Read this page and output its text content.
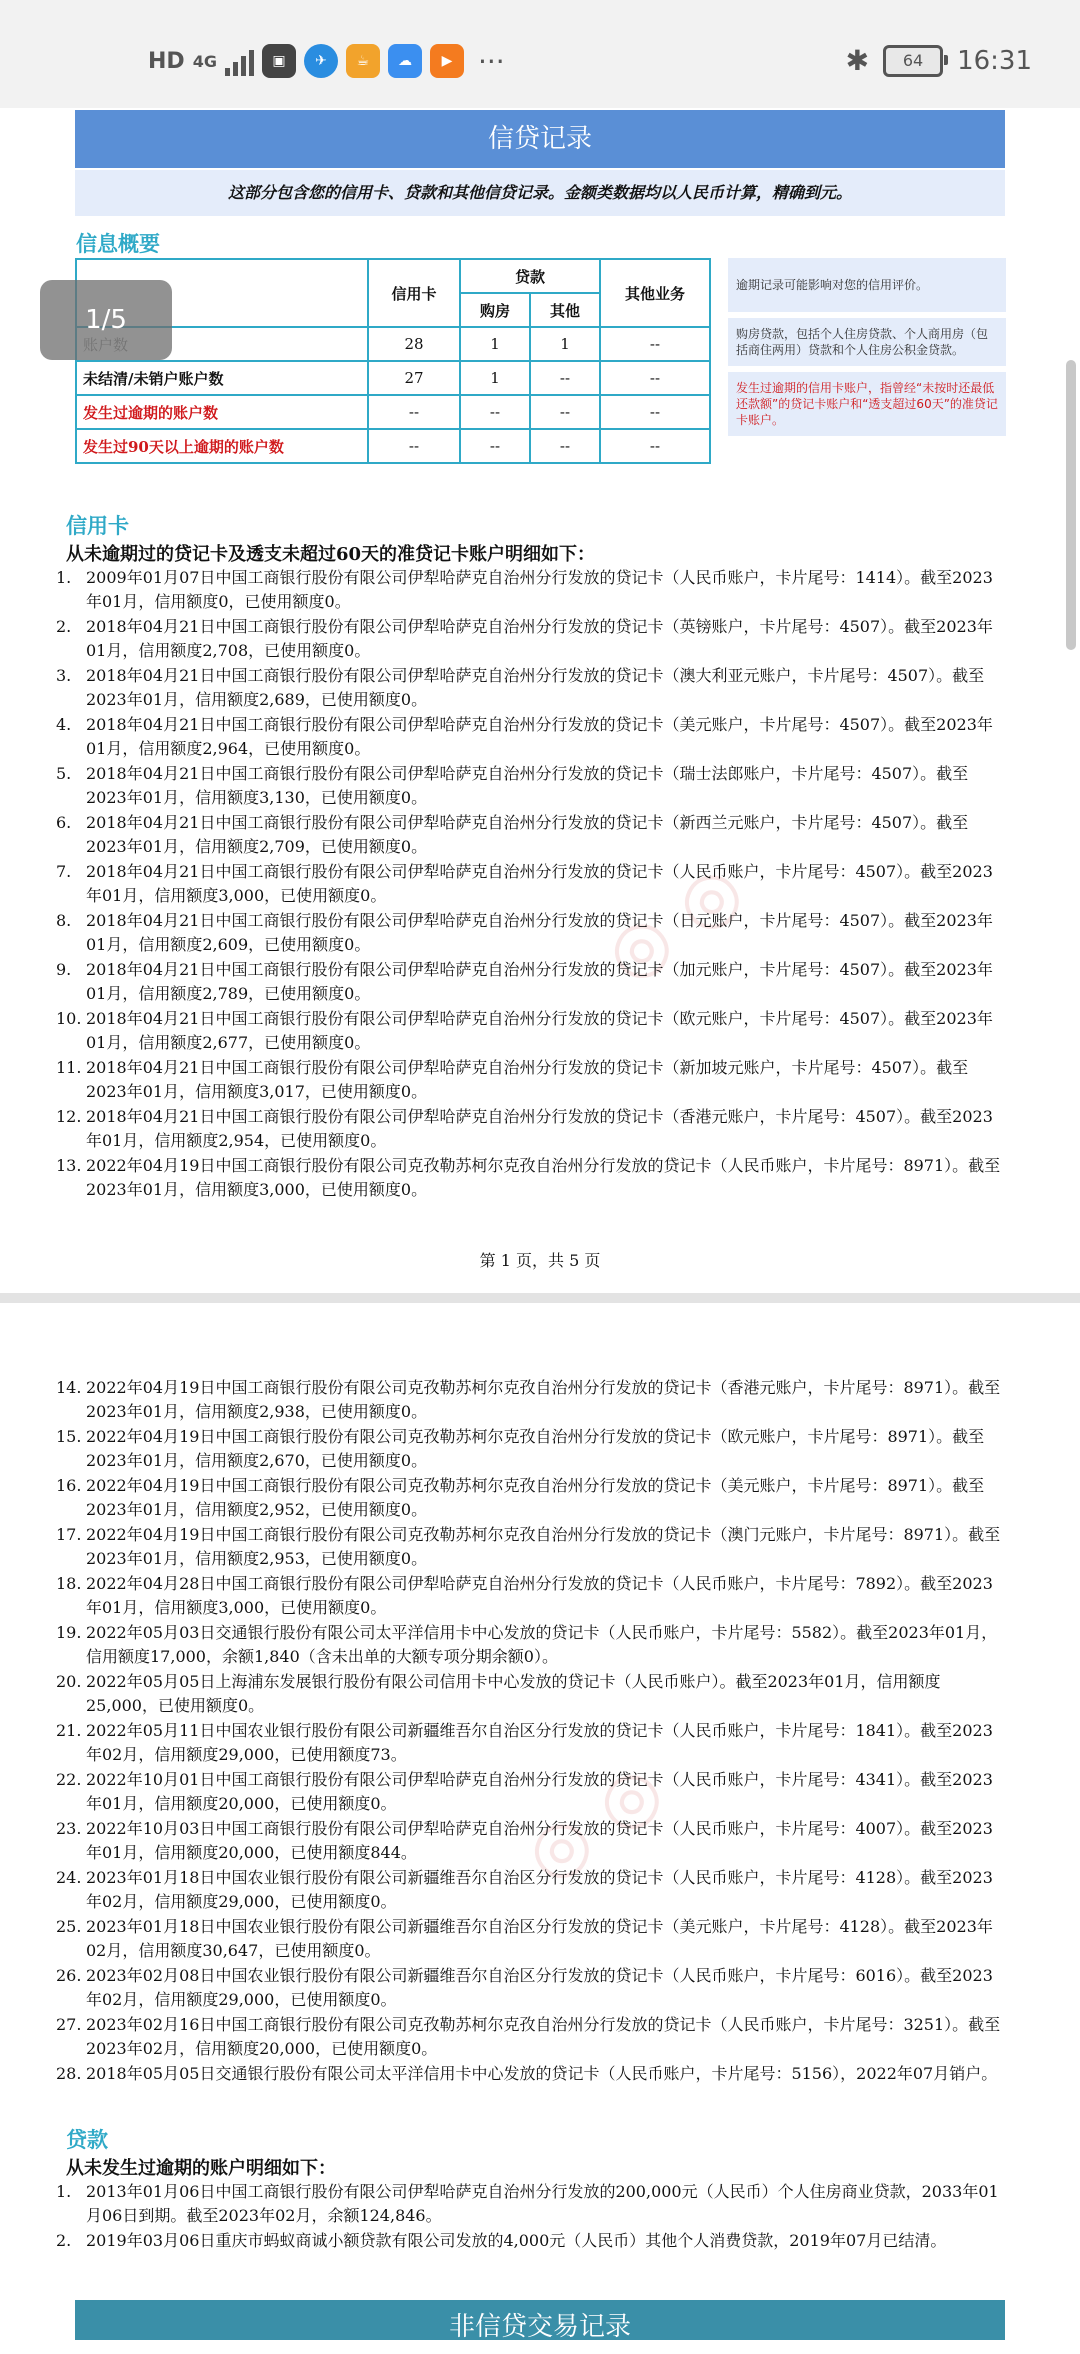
◎ ◎
◎ ◎
HD 4G	▣	✈	☕	☁	▶ ···	✱ 64 16:31
信贷记录
这部分包含您的信用卡、贷款和其他信贷记录。金额类数据均以人民币计算，精确到元。
信息概要
	信用卡	贷款		其他业务
		购房	其他	
	28	1	1	--
未结清/未销户账户数	27	1	--	--
发生过逾期的账户数	--	--	--	--
发生过90天以上逾期的账户数	--	--	--	--
逾期记录可能影响对您的信用评价。
购房贷款，包括个人住房贷款、个人商用房（包括商住两用）贷款和个人住房公积金贷款。
发生过逾期的信用卡账户，指曾经“未按时还最低还款额”的贷记卡账户和“透支超过60天”的准贷记卡账户。
1/5
信用卡
从未逾期过的贷记卡及透支未超过60天的准贷记卡账户明细如下：
1. 2009年01月07日中国工商银行股份有限公司伊犁哈萨克自治州分行发放的贷记卡（人民币账户，卡片尾号：1414）。截至2023年01月，信用额度0，已使用额度0。
2. 2018年04月21日中国工商银行股份有限公司伊犁哈萨克自治州分行发放的贷记卡（英镑账户，卡片尾号：4507）。截至2023年01月，信用额度2,708，已使用额度0。
3. 2018年04月21日中国工商银行股份有限公司伊犁哈萨克自治州分行发放的贷记卡（澳大利亚元账户，卡片尾号：4507）。截至2023年01月，信用额度2,689，已使用额度0。
4. 2018年04月21日中国工商银行股份有限公司伊犁哈萨克自治州分行发放的贷记卡（美元账户，卡片尾号：4507）。截至2023年01月，信用额度2,964，已使用额度0。
5. 2018年04月21日中国工商银行股份有限公司伊犁哈萨克自治州分行发放的贷记卡（瑞士法郎账户，卡片尾号：4507）。截至2023年01月，信用额度3,130，已使用额度0。
6. 2018年04月21日中国工商银行股份有限公司伊犁哈萨克自治州分行发放的贷记卡（新西兰元账户，卡片尾号：4507）。截至2023年01月，信用额度2,709，已使用额度0。
7. 2018年04月21日中国工商银行股份有限公司伊犁哈萨克自治州分行发放的贷记卡（人民币账户，卡片尾号：4507）。截至2023年01月，信用额度3,000，已使用额度0。
8. 2018年04月21日中国工商银行股份有限公司伊犁哈萨克自治州分行发放的贷记卡（日元账户，卡片尾号：4507）。截至2023年01月，信用额度2,609，已使用额度0。
9. 2018年04月21日中国工商银行股份有限公司伊犁哈萨克自治州分行发放的贷记卡（加元账户，卡片尾号：4507）。截至2023年01月，信用额度2,789，已使用额度0。
10. 2018年04月21日中国工商银行股份有限公司伊犁哈萨克自治州分行发放的贷记卡（欧元账户，卡片尾号：4507）。截至2023年01月，信用额度2,677，已使用额度0。
11. 2018年04月21日中国工商银行股份有限公司伊犁哈萨克自治州分行发放的贷记卡（新加坡元账户，卡片尾号：4507）。截至2023年01月，信用额度3,017，已使用额度0。
12. 2018年04月21日中国工商银行股份有限公司伊犁哈萨克自治州分行发放的贷记卡（香港元账户，卡片尾号：4507）。截至2023年01月，信用额度2,954，已使用额度0。
13. 2022年04月19日中国工商银行股份有限公司克孜勒苏柯尔克孜自治州分行发放的贷记卡（人民币账户，卡片尾号：8971）。截至2023年01月，信用额度3,000，已使用额度0。
第 1 页，共 5 页
14. 2022年04月19日中国工商银行股份有限公司克孜勒苏柯尔克孜自治州分行发放的贷记卡（香港元账户，卡片尾号：8971）。截至2023年01月，信用额度2,938，已使用额度0。
15. 2022年04月19日中国工商银行股份有限公司克孜勒苏柯尔克孜自治州分行发放的贷记卡（欧元账户，卡片尾号：8971）。截至2023年01月，信用额度2,670，已使用额度0。
16. 2022年04月19日中国工商银行股份有限公司克孜勒苏柯尔克孜自治州分行发放的贷记卡（美元账户，卡片尾号：8971）。截至2023年01月，信用额度2,952，已使用额度0。
17. 2022年04月19日中国工商银行股份有限公司克孜勒苏柯尔克孜自治州分行发放的贷记卡（澳门元账户，卡片尾号：8971）。截至2023年01月，信用额度2,953，已使用额度0。
18. 2022年04月28日中国工商银行股份有限公司伊犁哈萨克自治州分行发放的贷记卡（人民币账户，卡片尾号：7892）。截至2023年01月，信用额度3,000，已使用额度0。
19. 2022年05月03日交通银行股份有限公司太平洋信用卡中心发放的贷记卡（人民币账户，卡片尾号：5582）。截至2023年01月，信用额度17,000，余额1,840（含未出单的大额专项分期余额0）。
20. 2022年05月05日上海浦东发展银行股份有限公司信用卡中心发放的贷记卡（人民币账户）。截至2023年01月，信用额度25,000，已使用额度0。
21. 2022年05月11日中国农业银行股份有限公司新疆维吾尔自治区分行发放的贷记卡（人民币账户，卡片尾号：1841）。截至2023年02月，信用额度29,000，已使用额度73。
22. 2022年10月01日中国工商银行股份有限公司伊犁哈萨克自治州分行发放的贷记卡（人民币账户，卡片尾号：4341）。截至2023年01月，信用额度20,000，已使用额度0。
23. 2022年10月03日中国工商银行股份有限公司伊犁哈萨克自治州分行发放的贷记卡（人民币账户，卡片尾号：4007）。截至2023年01月，信用额度20,000，已使用额度844。
24. 2023年01月18日中国农业银行股份有限公司新疆维吾尔自治区分行发放的贷记卡（人民币账户，卡片尾号：4128）。截至2023年02月，信用额度29,000，已使用额度0。
25. 2023年01月18日中国农业银行股份有限公司新疆维吾尔自治区分行发放的贷记卡（美元账户，卡片尾号：4128）。截至2023年02月，信用额度30,647，已使用额度0。
26. 2023年02月08日中国农业银行股份有限公司新疆维吾尔自治区分行发放的贷记卡（人民币账户，卡片尾号：6016）。截至2023年02月，信用额度29,000，已使用额度0。
27. 2023年02月16日中国工商银行股份有限公司克孜勒苏柯尔克孜自治州分行发放的贷记卡（人民币账户，卡片尾号：3251）。截至2023年02月，信用额度20,000，已使用额度0。
28. 2018年05月05日交通银行股份有限公司太平洋信用卡中心发放的贷记卡（人民币账户，卡片尾号：5156），2022年07月销户。
贷款
从未发生过逾期的账户明细如下：
1. 2013年01月06日中国工商银行股份有限公司伊犁哈萨克自治州分行发放的200,000元（人民币）个人住房商业贷款，2033年01月06日到期。截至2023年02月，余额124,846。
2. 2019年03月06日重庆市蚂蚁商诚小额贷款有限公司发放的4,000元（人民币）其他个人消费贷款，2019年07月已结清。
非信贷交易记录
